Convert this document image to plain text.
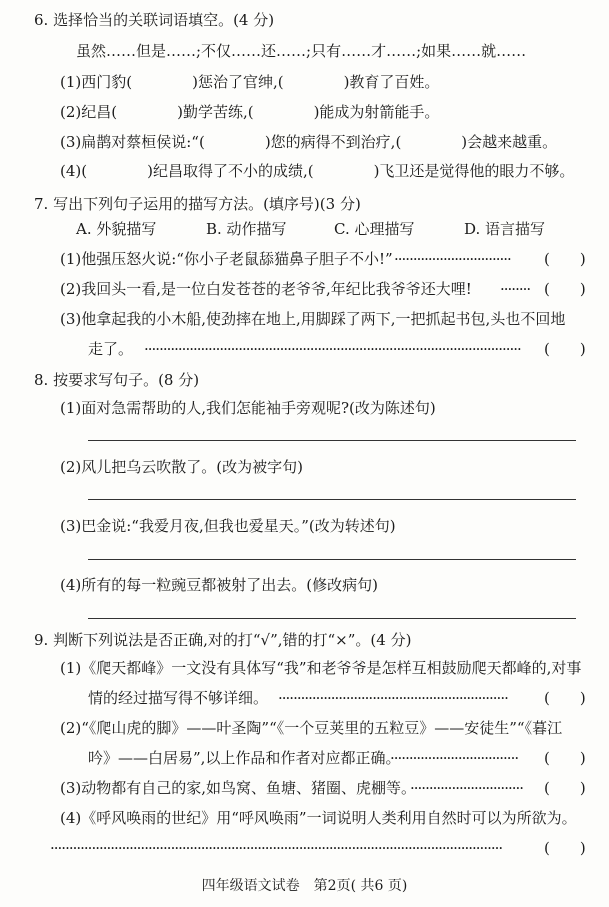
6. 选择恰当的关联词语填空。(4 分)
虽然……但是……;不仅……还……;只有……才……;如果……就……
(1)西门豹(　　　　)惩治了官绅,(　　　　)教育了百姓。
(2)纪昌(　　　　)勤学苦练,(　　　　)能成为射箭能手。
(3)扁鹊对蔡桓侯说:“(　　　　)您的病得不到治疗,(　　　　)会越来越重。
(4)(　　　　)纪昌取得了不小的成绩,(　　　　)飞卫还是觉得他的眼力不够。
7. 写出下列句子运用的描写方法。(填序号)(3 分)
A. 外貌描写	B. 动作描写	C. 心理描写	D. 语言描写
(1)他强压怒火说:“你小子老鼠舔猫鼻子胆子不小!” ·······························	(　　)
(2)我回头一看,是一位白发苍苍的老爷爷,年纪比我爷爷还大哩! ········ (　　)
(3)他拿起我的小木船,使劲摔在地上,用脚踩了两下,一把抓起书包,头也不回地
走了。 ····································································································	(　　)
8. 按要求写句子。(8 分)
(1)面对急需帮助的人,我们怎能袖手旁观呢?(改为陈述句)
(2)风儿把乌云吹散了。(改为被字句)
(3)巴金说:“我爱月夜,但我也爱星天。”(改为转述句)
(4)所有的每一粒豌豆都被射了出去。(修改病句)
9. 判断下列说法是否正确,对的打“√”,错的打“×”。(4 分)
(1)《爬天都峰》一文没有具体写“我”和老爷爷是怎样互相鼓励爬天都峰的,对事
情的经过描写得不够详细。 ·····························································	(　　)
(2)“《爬山虎的脚》——叶圣陶”“《一个豆荚里的五粒豆》——安徒生”“《暮江
吟》——白居易”,以上作品和作者对应都正确。
··································	(　　)
(3)动物都有自己的家,如鸟窝、鱼塘、猪圈、虎棚等。
······························	(　　)
(4)《呼风唤雨的世纪》用“呼风唤雨”一词说明人类利用自然时可以为所欲为。
························································································································	(　　)
四年级语文试卷　第2页( 共6 页)
